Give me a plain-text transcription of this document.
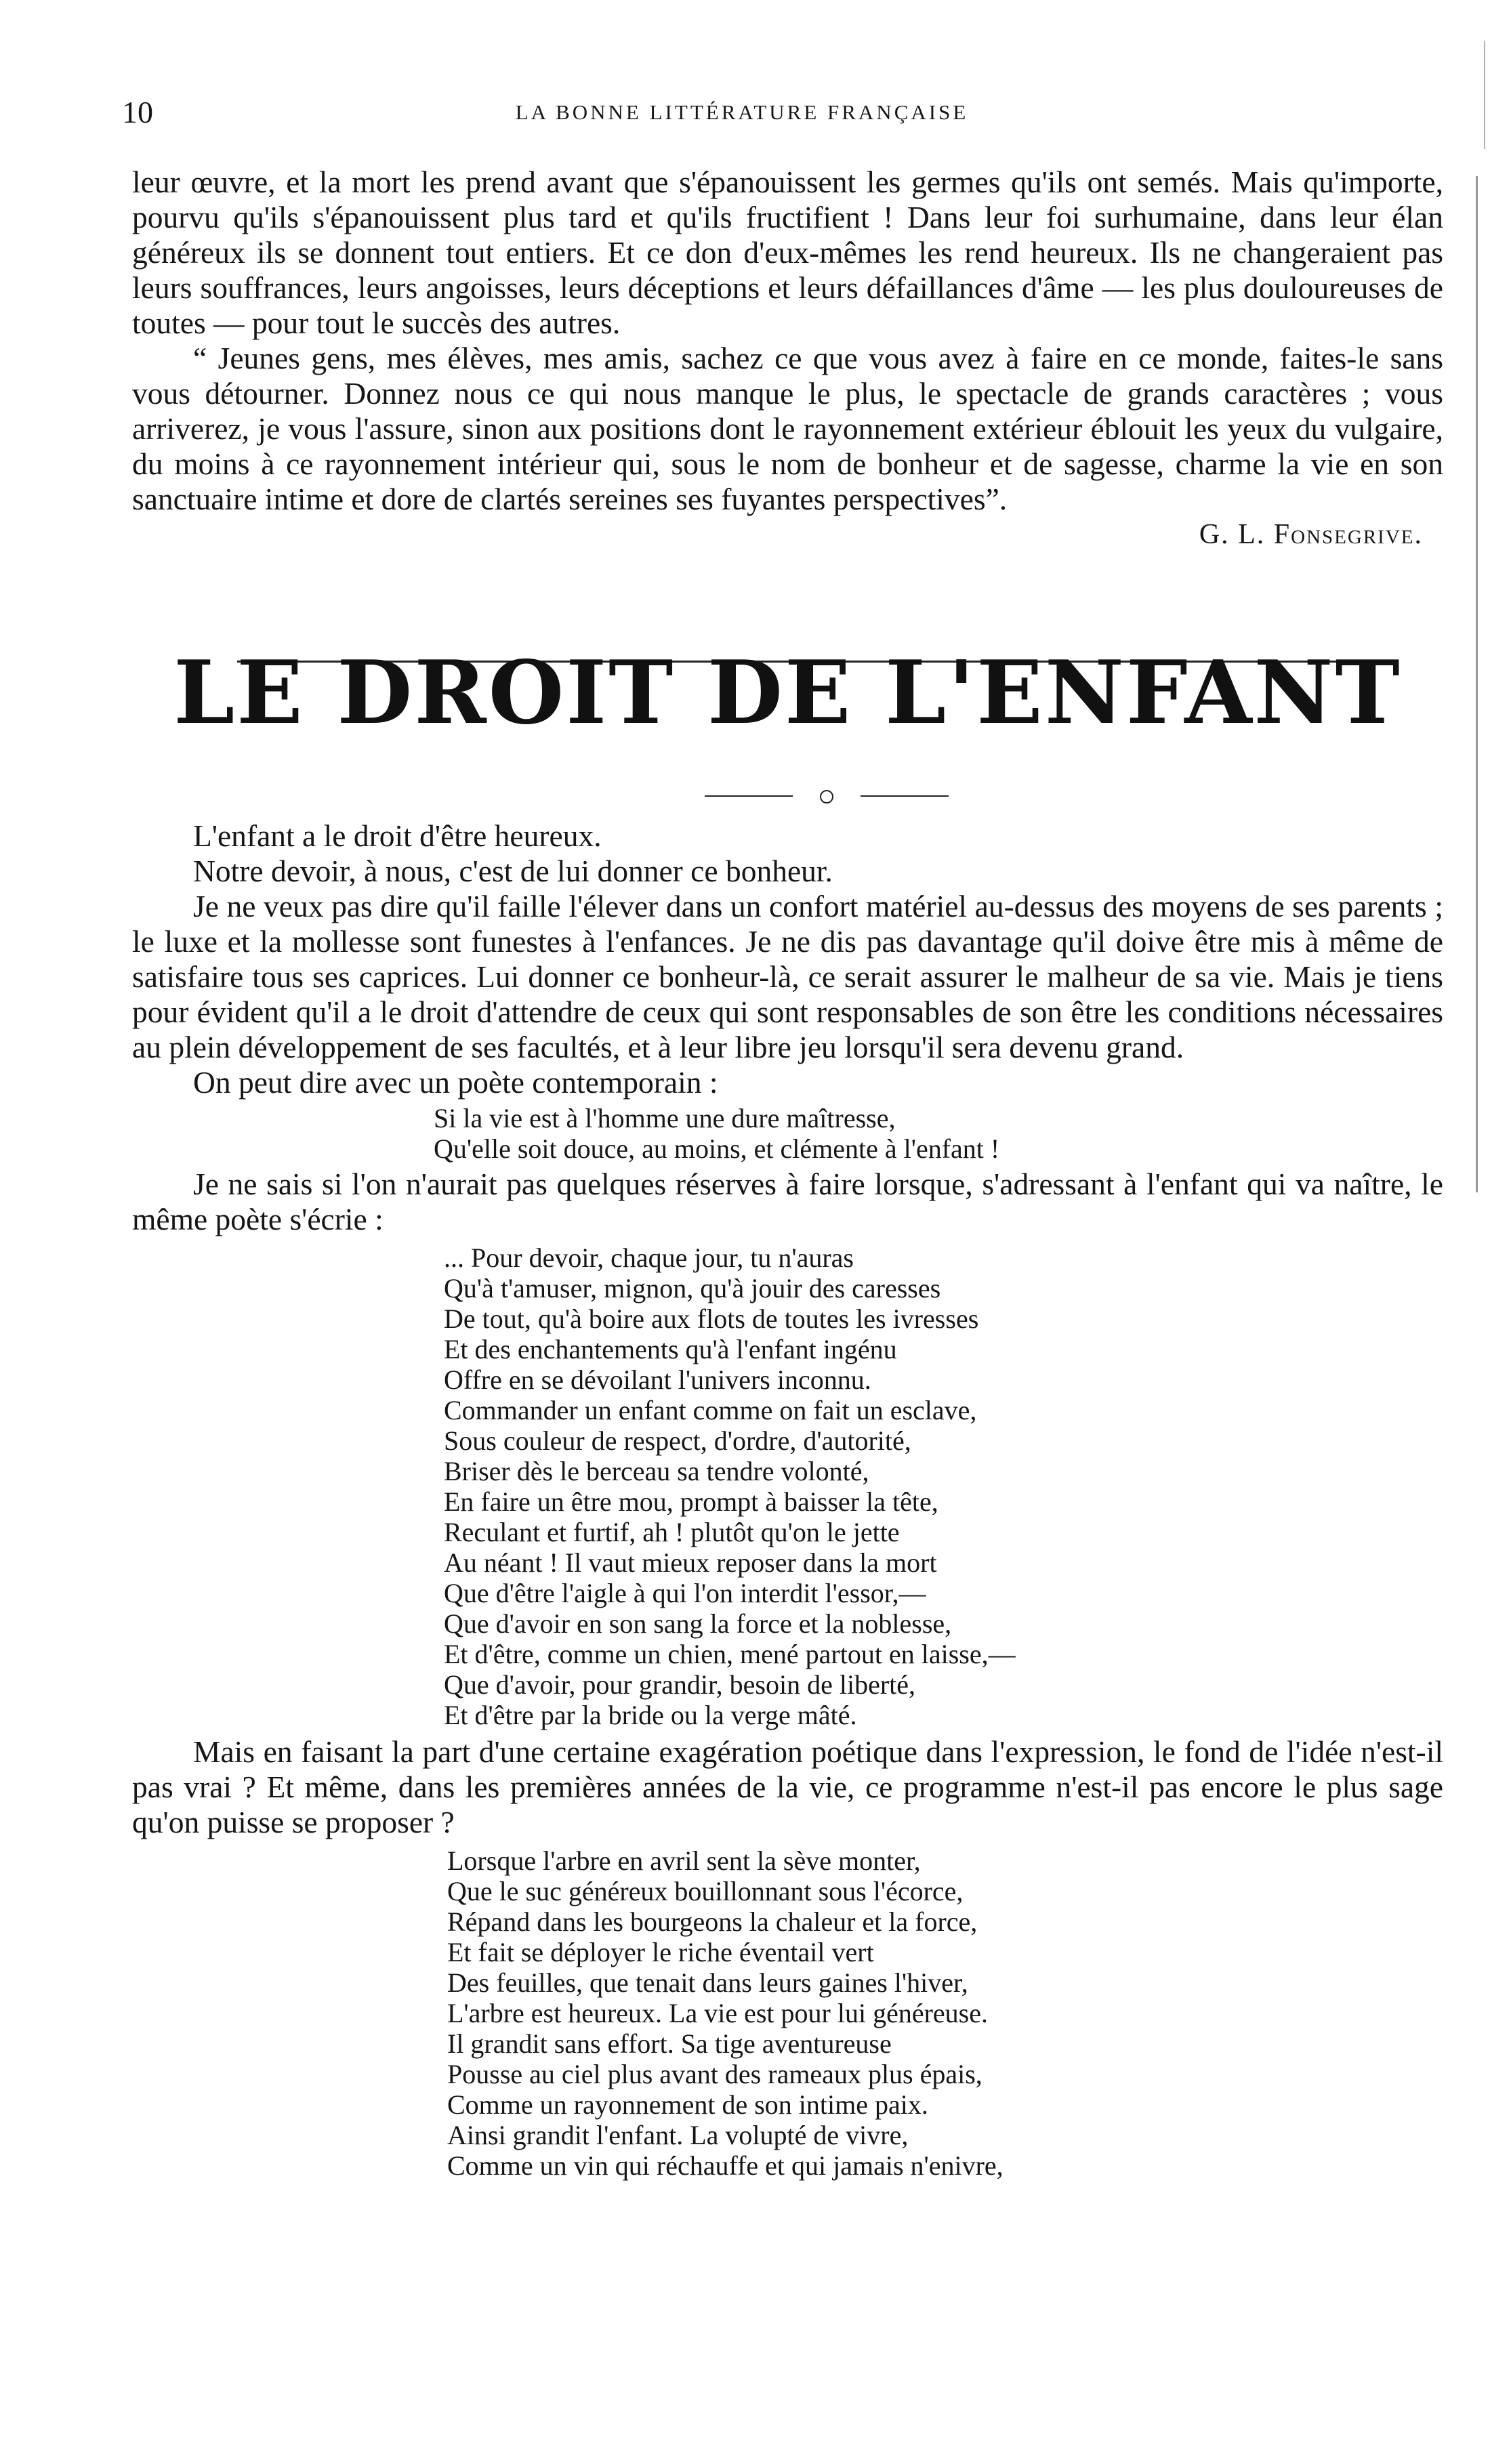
10	LA BONNE LITTÉRATURE FRANÇAISE

leur œuvre, et la mort les prend avant que s'épanouissent les germes qu'ils ont semés. Mais qu'importe, pourvu qu'ils s'épanouissent plus tard et qu'ils fructifient ! Dans leur foi surhumaine, dans leur élan généreux ils se donnent tout entiers. Et ce don d'eux-mêmes les rend heureux. Ils ne changeraient pas leurs souffrances, leurs angoisses, leurs déceptions et leurs défaillances d'âme — les plus douloureuses de toutes — pour tout le succès des autres.

“ Jeunes gens, mes élèves, mes amis, sachez ce que vous avez à faire en ce monde, faites-le sans vous détourner. Donnez nous ce qui nous manque le plus, le spectacle de grands caractères ; vous arriverez, je vous l'assure, sinon aux positions dont le rayonnement extérieur éblouit les yeux du vulgaire, du moins à ce rayonnement intérieur qui, sous le nom de bonheur et de sagesse, charme la vie en son sanctuaire intime et dore de clartés sereines ses fuyantes perspectives”.

G. L. Fonsegrive.
LE DROIT DE L'ENFANT

L'enfant a le droit d'être heureux.

Notre devoir, à nous, c'est de lui donner ce bonheur.

Je ne veux pas dire qu'il faille l'élever dans un confort matériel au-dessus des moyens de ses parents ; le luxe et la mollesse sont funestes à l'enfances. Je ne dis pas davantage qu'il doive être mis à même de satisfaire tous ses caprices. Lui donner ce bonheur-là, ce serait assurer le malheur de sa vie. Mais je tiens pour évident qu'il a le droit d'attendre de ceux qui sont responsables de son être les conditions nécessaires au plein développement de ses facultés, et à leur libre jeu lorsqu'il sera devenu grand.

On peut dire avec un poète contemporain :

Si la vie est à l'homme une dure maîtresse,
Qu'elle soit douce, au moins, et clémente à l'enfant !

Je ne sais si l'on n'aurait pas quelques réserves à faire lorsque, s'adressant à l'enfant qui va naître, le même poète s'écrie :

... Pour devoir, chaque jour, tu n'auras
Qu'à t'amuser, mignon, qu'à jouir des caresses
De tout, qu'à boire aux flots de toutes les ivresses
Et des enchantements qu'à l'enfant ingénu
Offre en se dévoilant l'univers inconnu.
Commander un enfant comme on fait un esclave,
Sous couleur de respect, d'ordre, d'autorité,
Briser dès le berceau sa tendre volonté,
En faire un être mou, prompt à baisser la tête,
Reculant et furtif, ah ! plutôt qu'on le jette
Au néant ! Il vaut mieux reposer dans la mort
Que d'être l'aigle à qui l'on interdit l'essor,—
Que d'avoir en son sang la force et la noblesse,
Et d'être, comme un chien, mené partout en laisse,—
Que d'avoir, pour grandir, besoin de liberté,
Et d'être par la bride ou la verge mâté.

Mais en faisant la part d'une certaine exagération poétique dans l'expression, le fond de l'idée n'est-il pas vrai ? Et même, dans les premières années de la vie, ce programme n'est-il pas encore le plus sage qu'on puisse se proposer ?

Lorsque l'arbre en avril sent la sève monter,
Que le suc généreux bouillonnant sous l'écorce,
Répand dans les bourgeons la chaleur et la force,
Et fait se déployer le riche éventail vert
Des feuilles, que tenait dans leurs gaines l'hiver,
L'arbre est heureux. La vie est pour lui généreuse.
Il grandit sans effort. Sa tige aventureuse
Pousse au ciel plus avant des rameaux plus épais,
Comme un rayonnement de son intime paix.
Ainsi grandit l'enfant. La volupté de vivre,
Comme un vin qui réchauffe et qui jamais n'enivre,
